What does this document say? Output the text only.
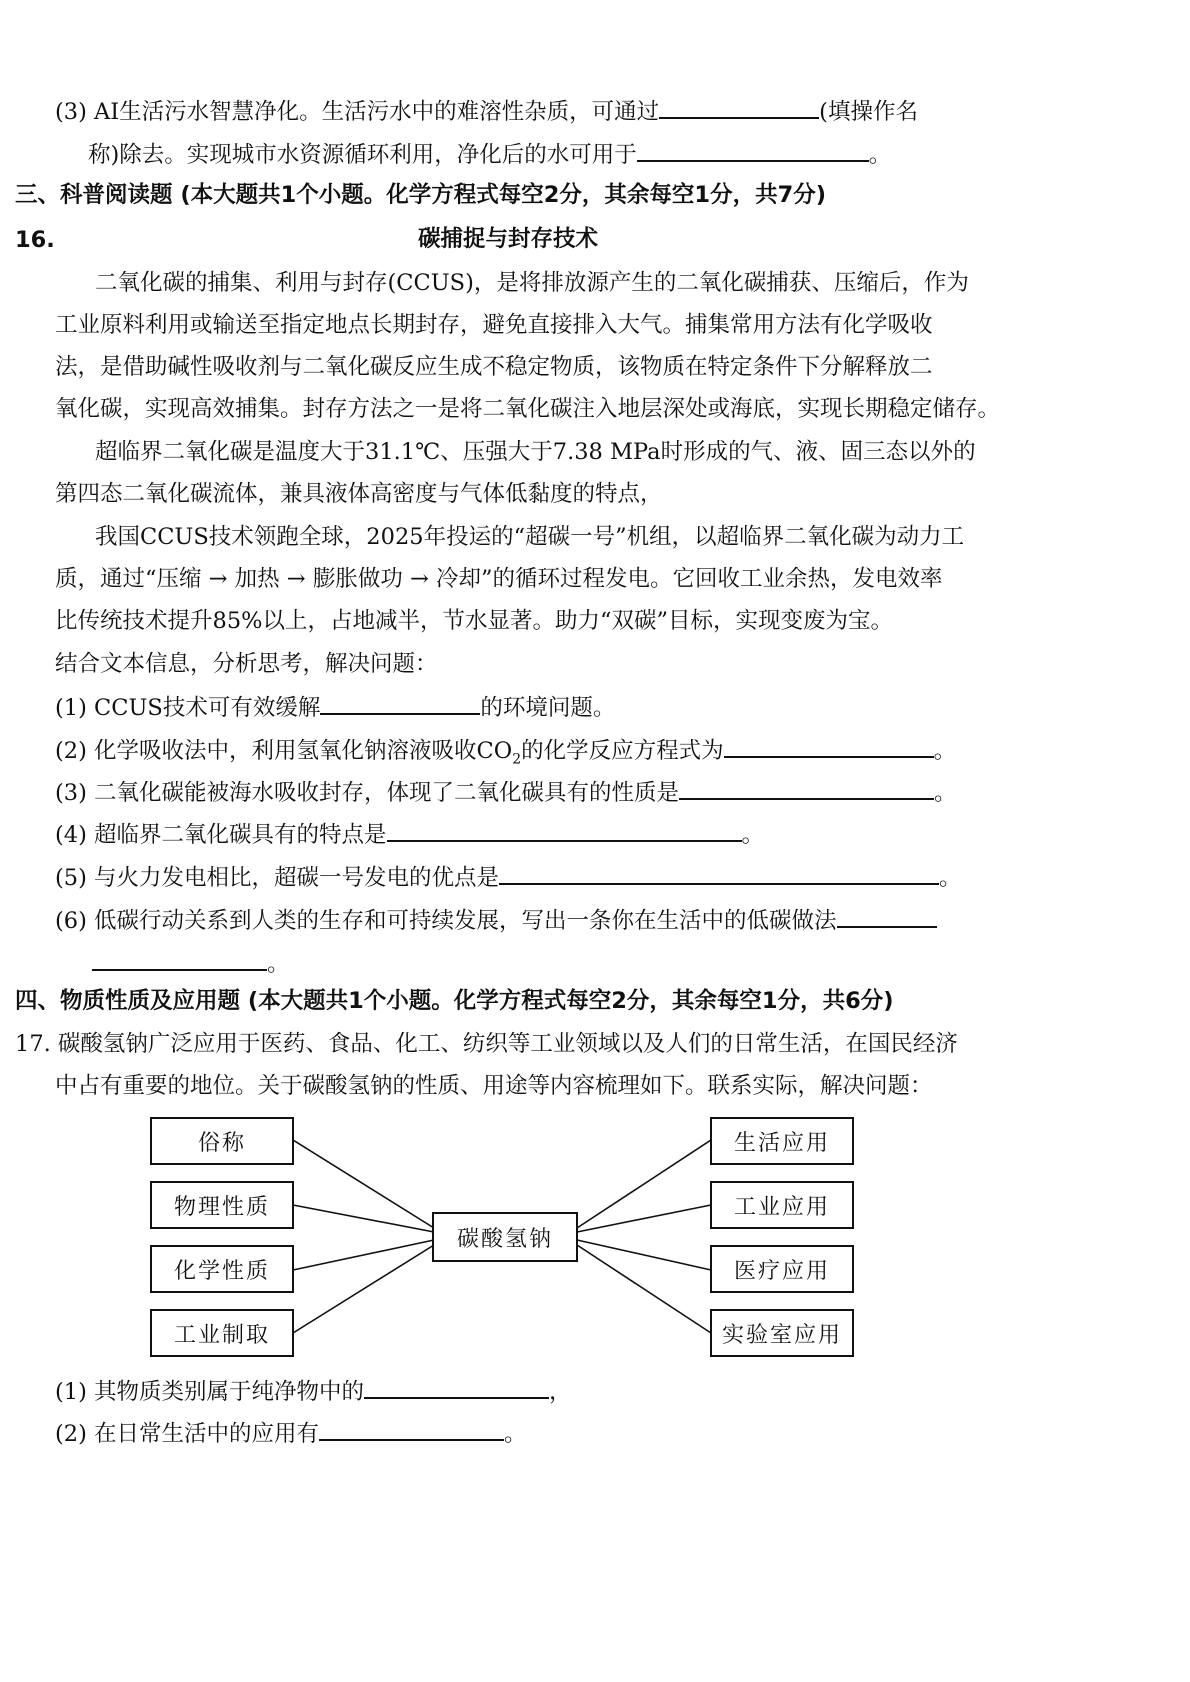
(3) AI生活污水智慧净化。生活污水中的难溶性杂质，可通过	(填操作名
称)除去。实现城市水资源循环利用，净化后的水可用于	。
三、科普阅读题 (本大题共1个小题。化学方程式每空2分，其余每空1分，共7分)
16.	碳捕捉与封存技术
二氧化碳的捕集、利用与封存(CCUS)，是将排放源产生的二氧化碳捕获、压缩后，作为
工业原料利用或输送至指定地点长期封存，避免直接排入大气。捕集常用方法有化学吸收
法，是借助碱性吸收剂与二氧化碳反应生成不稳定物质，该物质在特定条件下分解释放二
氧化碳，实现高效捕集。封存方法之一是将二氧化碳注入地层深处或海底，实现长期稳定储存。
超临界二氧化碳是温度大于31.1℃、压强大于7.38 MPa时形成的气、液、固三态以外的
第四态二氧化碳流体，兼具液体高密度与气体低黏度的特点，
我国CCUS技术领跑全球，2025年投运的“超碳一号”机组，以超临界二氧化碳为动力工
质，通过“压缩 → 加热 → 膨胀做功 → 冷却”的循环过程发电。它回收工业余热，发电效率
比传统技术提升85%以上，占地减半，节水显著。助力“双碳”目标，实现变废为宝。
结合文本信息，分析思考，解决问题：
(1) CCUS技术可有效缓解	的环境问题。
(2) 化学吸收法中，利用氢氧化钠溶液吸收$CO_2$的化学反应方程式为	。
(3) 二氧化碳能被海水吸收封存，体现了二氧化碳具有的性质是	。
(4) 超临界二氧化碳具有的特点是	。
(5) 与火力发电相比，超碳一号发电的优点是	。
(6) 低碳行动关系到人类的生存和可持续发展，写出一条你在生活中的低碳做法
。
四、物质性质及应用题 (本大题共1个小题。化学方程式每空2分，其余每空1分，共6分)
17. 碳酸氢钠广泛应用于医药、食品、化工、纺织等工业领域以及人们的日常生活，在国民经济
中占有重要的地位。关于碳酸氢钠的性质、用途等内容梳理如下。联系实际，解决问题：
俗称
物理性质
化学性质
工业制取
碳酸氢钠
生活应用
工业应用
医疗应用
实验室应用
(1) 其物质类别属于纯净物中的	，
(2) 在日常生活中的应用有	。
